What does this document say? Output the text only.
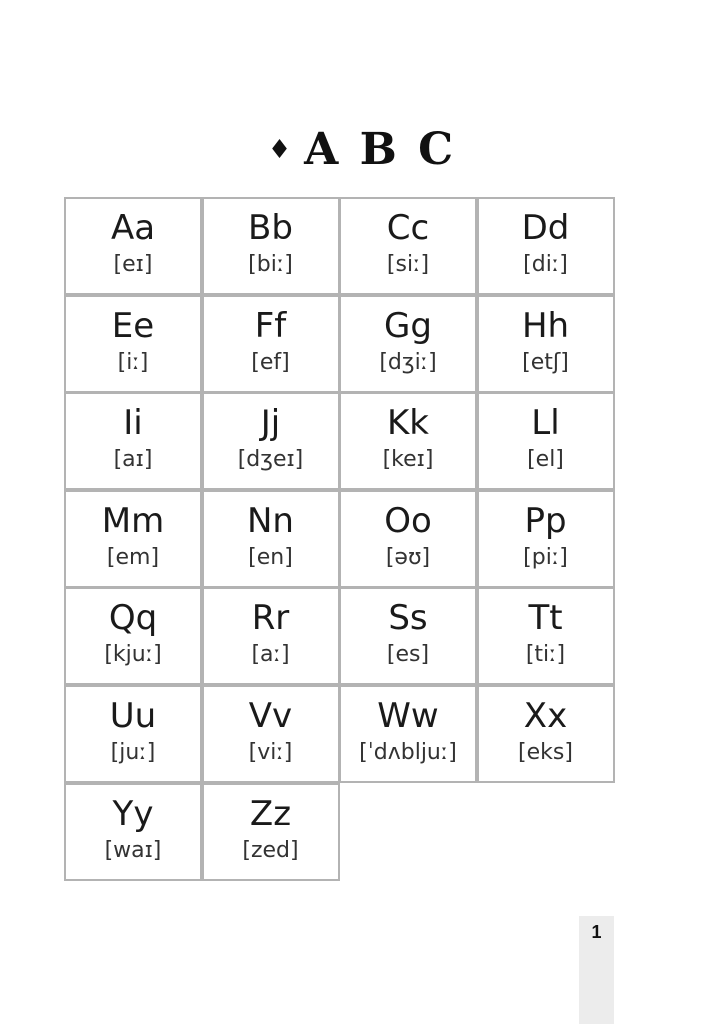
♦ A B C
Aa
[eɪ]
Bb
[biː]
Cc
[siː]
Dd
[diː]
Ee
[iː]
Ff
[ef]
Gg
[dʒiː]
Hh
[etʃ]
Ii
[aɪ]
Jj
[dʒeɪ]
Kk
[keɪ]
Ll
[el]
Mm
[em]
Nn
[en]
Oo
[əʊ]
Pp
[piː]
Qq
[kjuː]
Rr
[aː]
Ss
[es]
Tt
[tiː]
Uu
[juː]
Vv
[viː]
Ww
[ˈdʌbljuː]
Xx
[eks]
Yy
[waɪ]
Zz
[zed]
1
